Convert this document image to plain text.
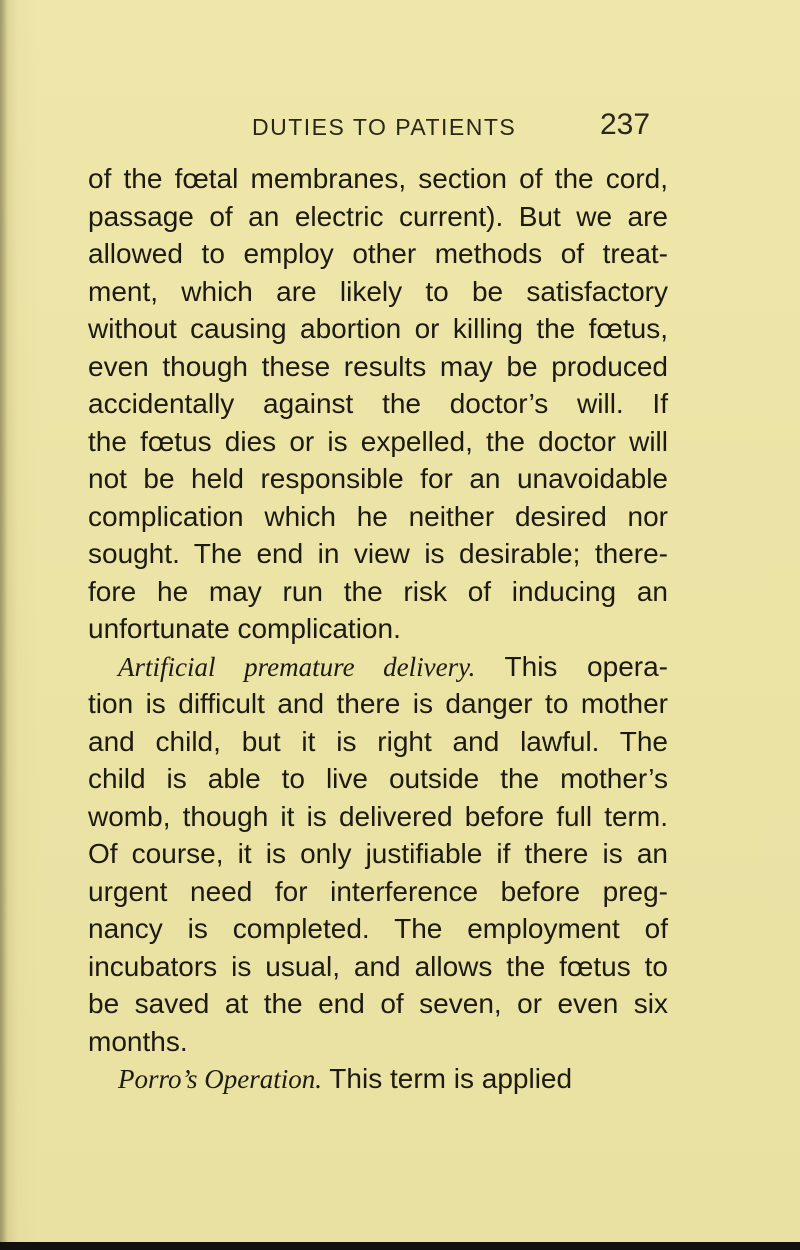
DUTIES TO PATIENTS	237
of the fœtal membranes, section of the cord,
passage of an electric current). But we are
allowed to employ other methods of treat-
ment, which are likely to be satisfactory
without causing abortion or killing the fœtus,
even though these results may be produced
accidentally against the doctor’s will. If
the fœtus dies or is expelled, the doctor will
not be held responsible for an unavoidable
complication which he neither desired nor
sought. The end in view is desirable; there-
fore he may run the risk of inducing an
unfortunate complication.
Artificial premature delivery. This opera-
tion is difficult and there is danger to mother
and child, but it is right and lawful. The
child is able to live outside the mother’s
womb, though it is delivered before full term.
Of course, it is only justifiable if there is an
urgent need for interference before preg-
nancy is completed. The employment of
incubators is usual, and allows the fœtus to
be saved at the end of seven, or even six
months.
Porro’s Operation. This term is applied
